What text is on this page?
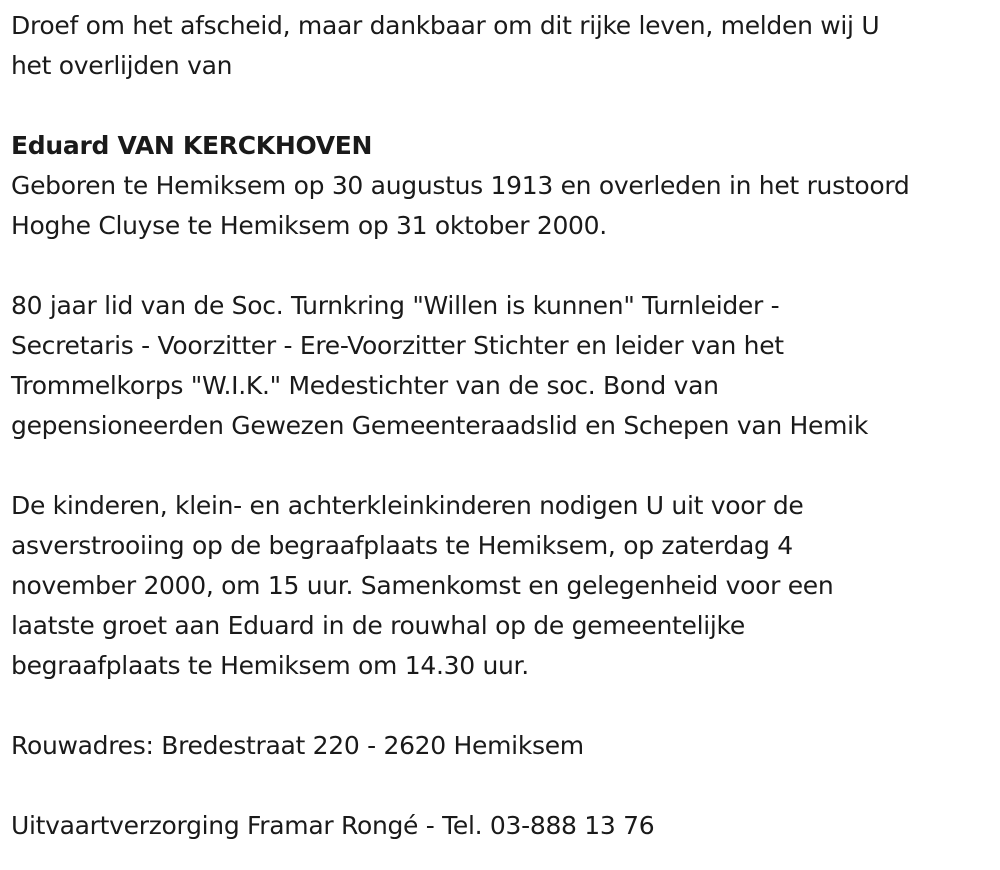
Droef om het afscheid, maar dankbaar om dit rijke leven, melden wij U
het overlijden van

Eduard VAN KERCKHOVEN

Geboren te Hemiksem op 30 augustus 1913 en overleden in het rustoord
Hoghe Cluyse te Hemiksem op 31 oktober 2000.

80 jaar lid van de Soc. Turnkring "Willen is kunnen" Turnleider -
Secretaris - Voorzitter - Ere-Voorzitter Stichter en leider van het
Trommelkorps "W.I.K." Medestichter van de soc. Bond van
gepensioneerden Gewezen Gemeenteraadslid en Schepen van Hemik

De kinderen, klein- en achterkleinkinderen nodigen U uit voor de
asverstrooiing op de begraafplaats te Hemiksem, op zaterdag 4
november 2000, om 15 uur. Samenkomst en gelegenheid voor een
laatste groet aan Eduard in de rouwhal op de gemeentelijke
begraafplaats te Hemiksem om 14.30 uur.

Rouwadres: Bredestraat 220 - 2620 Hemiksem

Uitvaartverzorging Framar Rongé - Tel. 03-888 13 76
